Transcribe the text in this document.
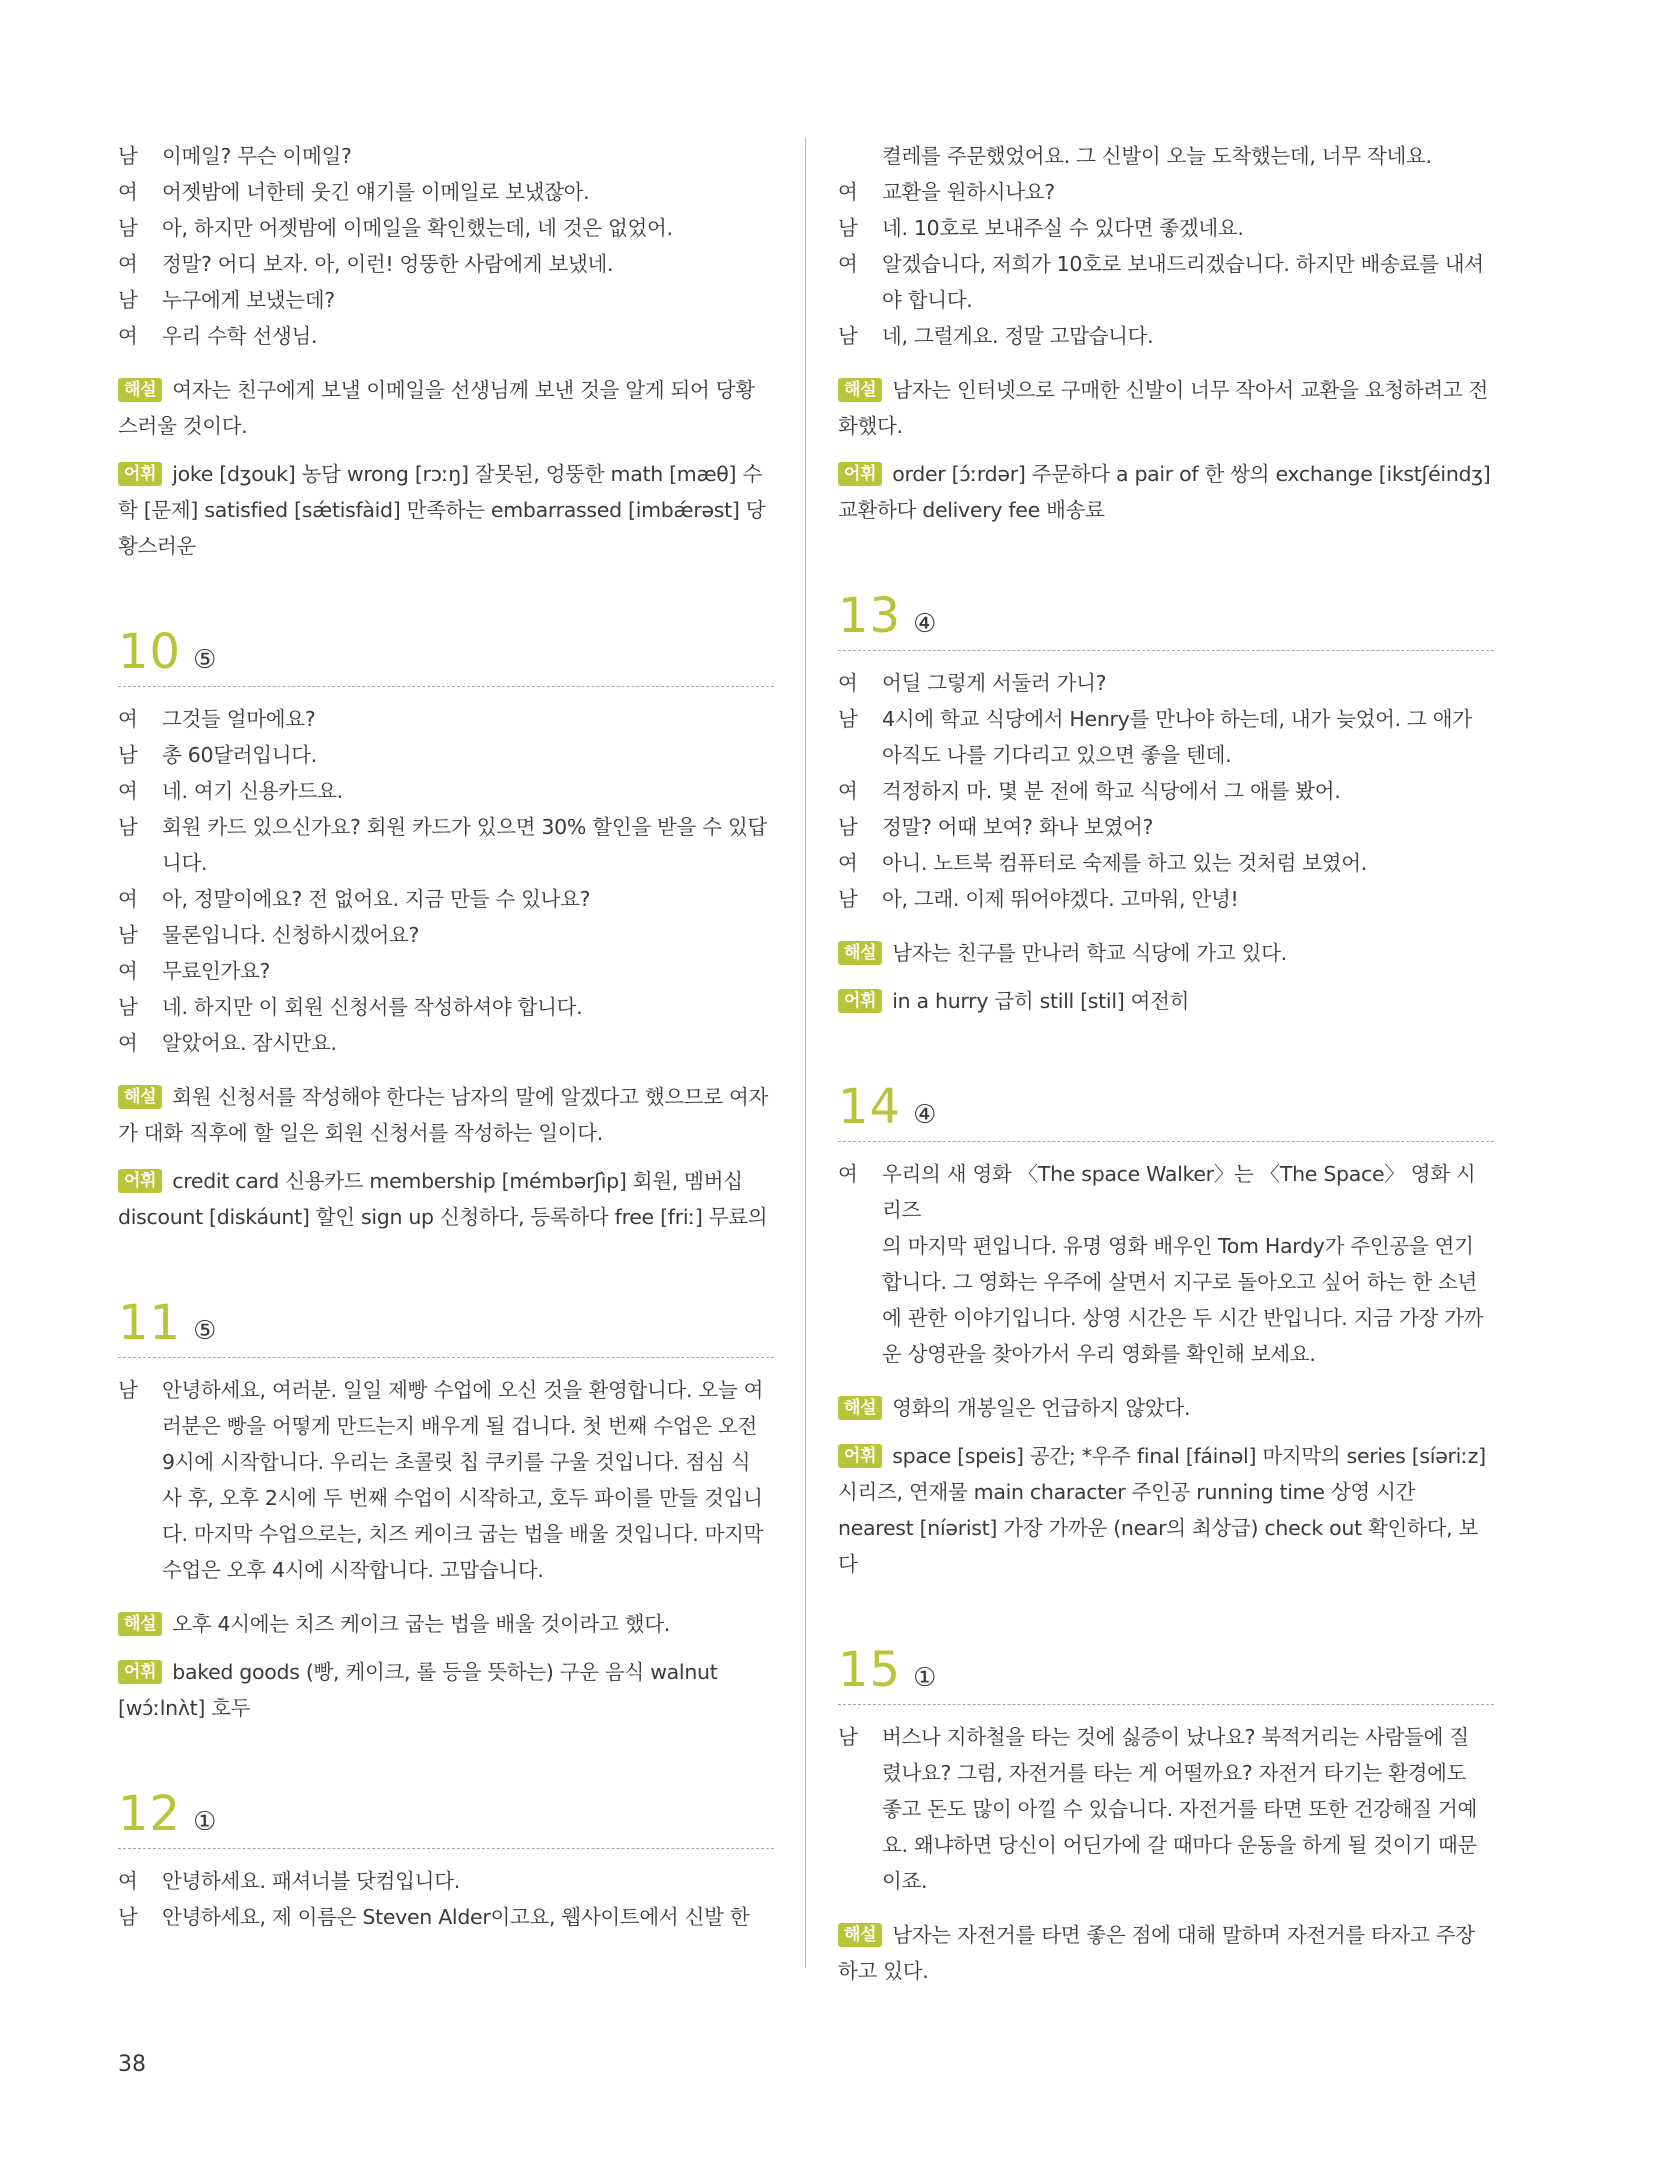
남 이메일? 무슨 이메일?
여 어젯밤에 너한테 웃긴 얘기를 이메일로 보냈잖아.
남 아, 하지만 어젯밤에 이메일을 확인했는데, 네 것은 없었어.
여 정말? 어디 보자. 아, 이런! 엉뚱한 사람에게 보냈네.
남 누구에게 보냈는데?
여 우리 수학 선생님.
해설 여자는 친구에게 보낼 이메일을 선생님께 보낸 것을 알게 되어 당황스러울 것이다.
어휘 joke [dʒouk] 농담 wrong [rɔːŋ] 잘못된, 엉뚱한 math [mæθ] 수학 [문제] satisfied [sǽtisfàid] 만족하는 embarrassed [imbǽrəst] 당황스러운
10 ⑤
여 그것들 얼마에요?
남 총 60달러입니다.
여 네. 여기 신용카드요.
남 회원 카드 있으신가요? 회원 카드가 있으면 30% 할인을 받을 수 있답
니다.
여 아, 정말이에요? 전 없어요. 지금 만들 수 있나요?
남 물론입니다. 신청하시겠어요?
여 무료인가요?
남 네. 하지만 이 회원 신청서를 작성하셔야 합니다.
여 알았어요. 잠시만요.
해설 회원 신청서를 작성해야 한다는 남자의 말에 알겠다고 했으므로 여자가 대화 직후에 할 일은 회원 신청서를 작성하는 일이다.
어휘 credit card 신용카드 membership [mémbərʃìp] 회원, 멤버십 discount [diskáunt] 할인 sign up 신청하다, 등록하다 free [friː] 무료의
11 ⑤
남 안녕하세요, 여러분. 일일 제빵 수업에 오신 것을 환영합니다. 오늘 여
러분은 빵을 어떻게 만드는지 배우게 될 겁니다. 첫 번째 수업은 오전
9시에 시작합니다. 우리는 초콜릿 칩 쿠키를 구울 것입니다. 점심 식
사 후, 오후 2시에 두 번째 수업이 시작하고, 호두 파이를 만들 것입니
다. 마지막 수업으로는, 치즈 케이크 굽는 법을 배울 것입니다. 마지막
수업은 오후 4시에 시작합니다. 고맙습니다.
해설 오후 4시에는 치즈 케이크 굽는 법을 배울 것이라고 했다.
어휘 baked goods (빵, 케이크, 롤 등을 뜻하는) 구운 음식 walnut [wɔ́ːlnʌ̀t] 호두
12 ①
여 안녕하세요. 패셔너블 닷컴입니다.
남 안녕하세요, 제 이름은 Steven Alder이고요, 웹사이트에서 신발 한
켤레를 주문했었어요. 그 신발이 오늘 도착했는데, 너무 작네요.
여 교환을 원하시나요?
남 네. 10호로 보내주실 수 있다면 좋겠네요.
여 알겠습니다, 저희가 10호로 보내드리겠습니다. 하지만 배송료를 내셔
야 합니다.
남 네, 그럴게요. 정말 고맙습니다.
해설 남자는 인터넷으로 구매한 신발이 너무 작아서 교환을 요청하려고 전화했다.
어휘 order [ɔ́ːrdər] 주문하다 a pair of 한 쌍의 exchange [ikstʃéindʒ] 교환하다 delivery fee 배송료
13 ④
여 어딜 그렇게 서둘러 가니?
남 4시에 학교 식당에서 Henry를 만나야 하는데, 내가 늦었어. 그 애가
아직도 나를 기다리고 있으면 좋을 텐데.
여 걱정하지 마. 몇 분 전에 학교 식당에서 그 애를 봤어.
남 정말? 어때 보여? 화나 보였어?
여 아니. 노트북 컴퓨터로 숙제를 하고 있는 것처럼 보였어.
남 아, 그래. 이제 뛰어야겠다. 고마워, 안녕!
해설 남자는 친구를 만나러 학교 식당에 가고 있다.
어휘 in a hurry 급히 still [stil] 여전히
14 ④
여 우리의 새 영화 〈The space Walker〉는 〈The Space〉 영화 시리즈
의 마지막 편입니다. 유명 영화 배우인 Tom Hardy가 주인공을 연기
합니다. 그 영화는 우주에 살면서 지구로 돌아오고 싶어 하는 한 소년
에 관한 이야기입니다. 상영 시간은 두 시간 반입니다. 지금 가장 가까
운 상영관을 찾아가서 우리 영화를 확인해 보세요.
해설 영화의 개봉일은 언급하지 않았다.
어휘 space [speis] 공간; *우주 final [fáinəl] 마지막의 series [síəriːz] 시리즈, 연재물 main character 주인공 running time 상영 시간 nearest [níərist] 가장 가까운 (near의 최상급) check out 확인하다, 보다
15 ①
남 버스나 지하철을 타는 것에 싫증이 났나요? 북적거리는 사람들에 질
렸나요? 그럼, 자전거를 타는 게 어떨까요? 자전거 타기는 환경에도
좋고 돈도 많이 아낄 수 있습니다. 자전거를 타면 또한 건강해질 거예
요. 왜냐하면 당신이 어딘가에 갈 때마다 운동을 하게 될 것이기 때문
이죠.
해설 남자는 자전거를 타면 좋은 점에 대해 말하며 자전거를 타자고 주장하고 있다.
38
